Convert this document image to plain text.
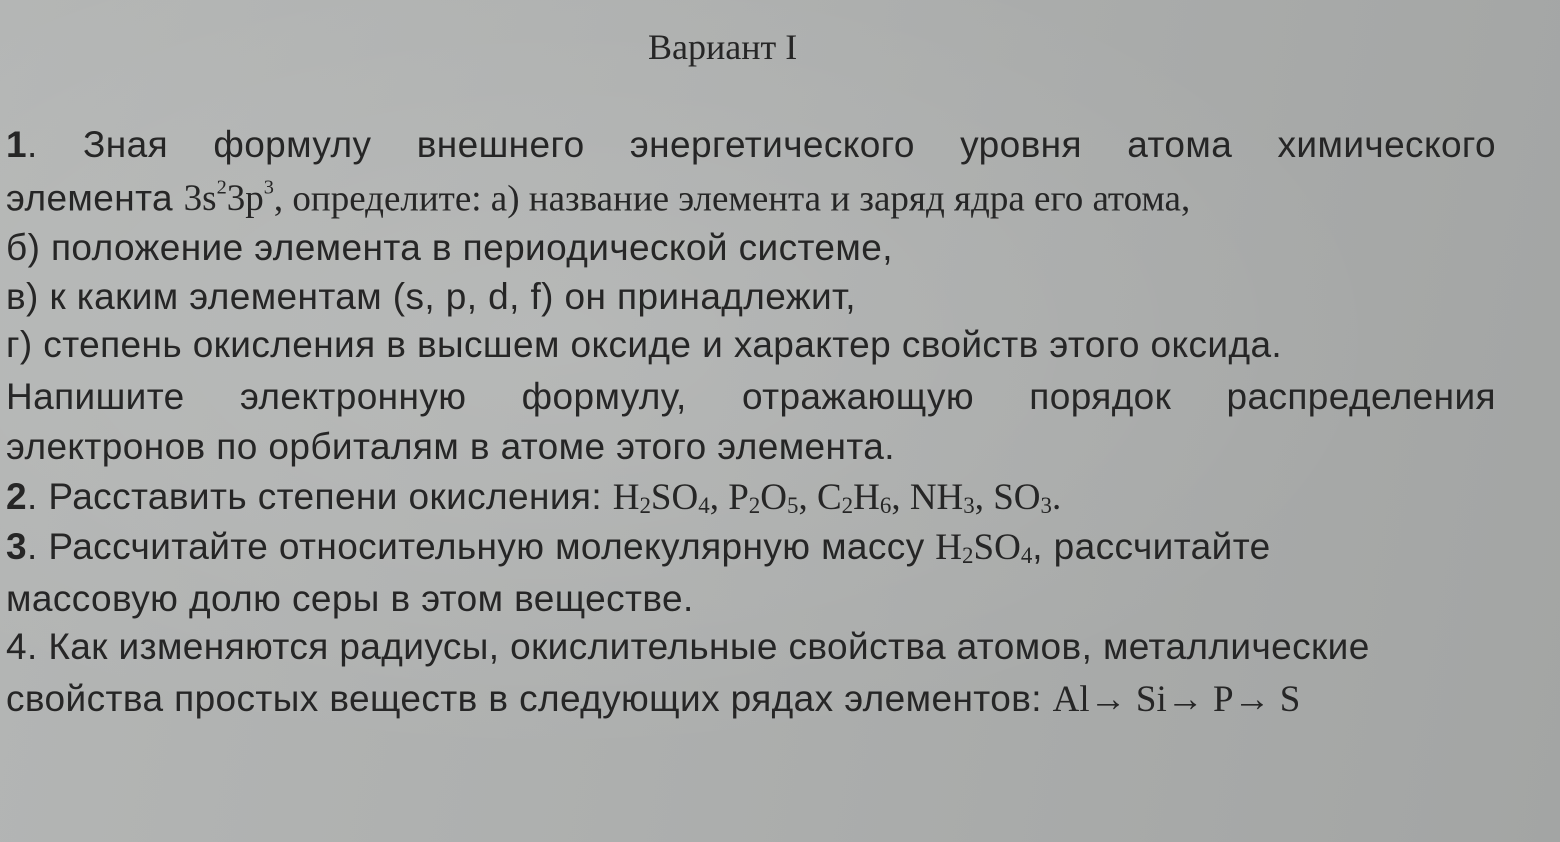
Вариант I
1. Зная формулу внешнего энергетического уровня атома химического
элемента $3s^23p^3$, определите: а) название элемента и заряд ядра его атома,
б) положение элемента в периодической системе,
в) к каким элементам (s, p, d, f) он принадлежит,
г) степень окисления в высшем оксиде и характер свойств этого оксида.
Напишите электронную формулу, отражающую порядок распределения
электронов по орбиталям в атоме этого элемента.
2. Расставить степени окисления: $H_2SO_4$, $P_2O_5$, $C_2H_6$, $NH_3$, $SO_3$.
3. Рассчитайте относительную молекулярную массу $H_2SO_4$, рассчитайте
массовую долю серы в этом веществе.
4. Как изменяются радиусы, окислительные свойства атомов, металлические
свойства простых веществ в следующих рядах элементов: Al→ Si→ P→ S
